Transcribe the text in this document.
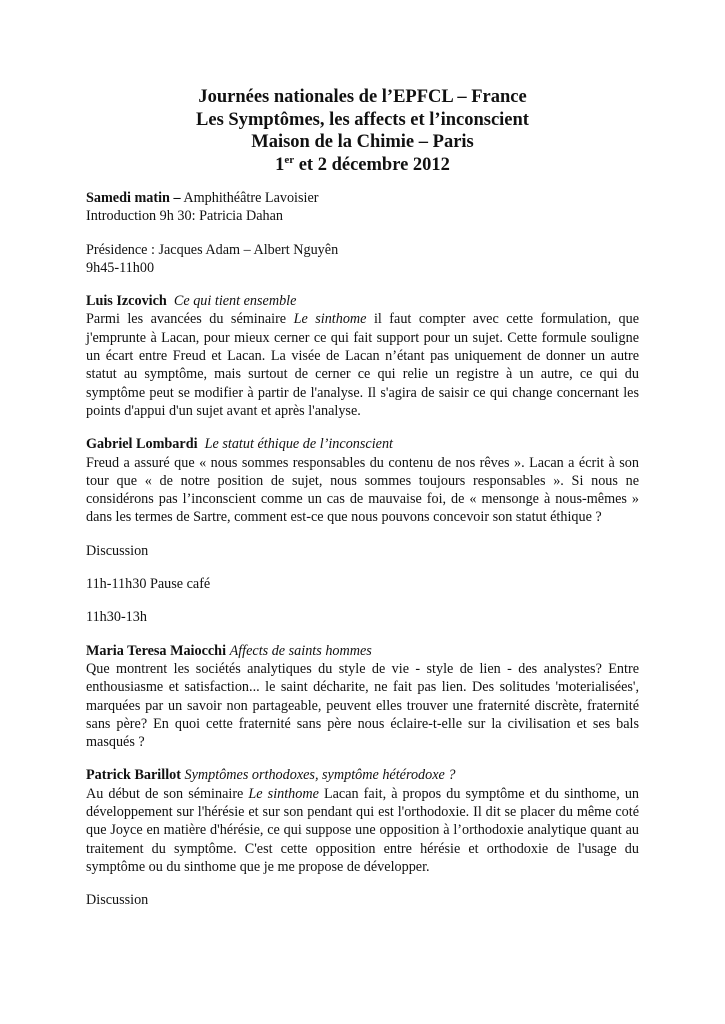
Journées nationales de l’EPFCL – France
Les Symptômes, les affects et l’inconscient
Maison de la Chimie – Paris
1er et 2 décembre 2012

Samedi matin – Amphithéâtre Lavoisier

Introduction 9h 30: Patricia Dahan

Présidence : Jacques Adam – Albert Nguyên

9h45-11h00

Luis Izcovich Ce qui tient ensemble

Parmi les avancées du séminaire Le sinthome il faut compter avec cette formulation, que j'emprunte à Lacan, pour mieux cerner ce qui fait support pour un sujet. Cette formule souligne un écart entre Freud et Lacan. La visée de Lacan n’étant pas uniquement de donner un autre statut au symptôme, mais surtout de cerner ce qui relie un registre à un autre, ce qui du symptôme peut se modifier à partir de l'analyse. Il s'agira de saisir ce qui change concernant les points d'appui d'un sujet avant et après l'analyse.

Gabriel Lombardi Le statut éthique de l’inconscient

Freud a assuré que « nous sommes responsables du contenu de nos rêves ». Lacan a écrit à son tour que « de notre position de sujet, nous sommes toujours responsables ». Si nous ne considérons pas l’inconscient comme un cas de mauvaise foi, de « mensonge à nous-mêmes » dans les termes de Sartre, comment est-ce que nous pouvons concevoir son statut éthique ?

Discussion

11h-11h30 Pause café

11h30-13h

Maria Teresa Maiocchi Affects de saints hommes

Que montrent les sociétés analytiques du style de vie - style de lien - des analystes? Entre enthousiasme et satisfaction... le saint décharite, ne fait pas lien. Des solitudes 'moterialisées', marquées par un savoir non partageable, peuvent elles trouver une fraternité discrète, fraternité sans père? En quoi cette fraternité sans père nous éclaire-t-elle sur la civilisation et ses bals masqués ?

Patrick Barillot Symptômes orthodoxes, symptôme hétérodoxe ?

Au début de son séminaire Le sinthome Lacan fait, à propos du symptôme et du sinthome, un développement sur l'hérésie et sur son pendant qui est l'orthodoxie. Il dit se placer du même coté que Joyce en matière d'hérésie, ce qui suppose une opposition à l’orthodoxie analytique quant au traitement du symptôme. C'est cette opposition entre hérésie et orthodoxie de l'usage du symptôme ou du sinthome que je me propose de développer.

Discussion
